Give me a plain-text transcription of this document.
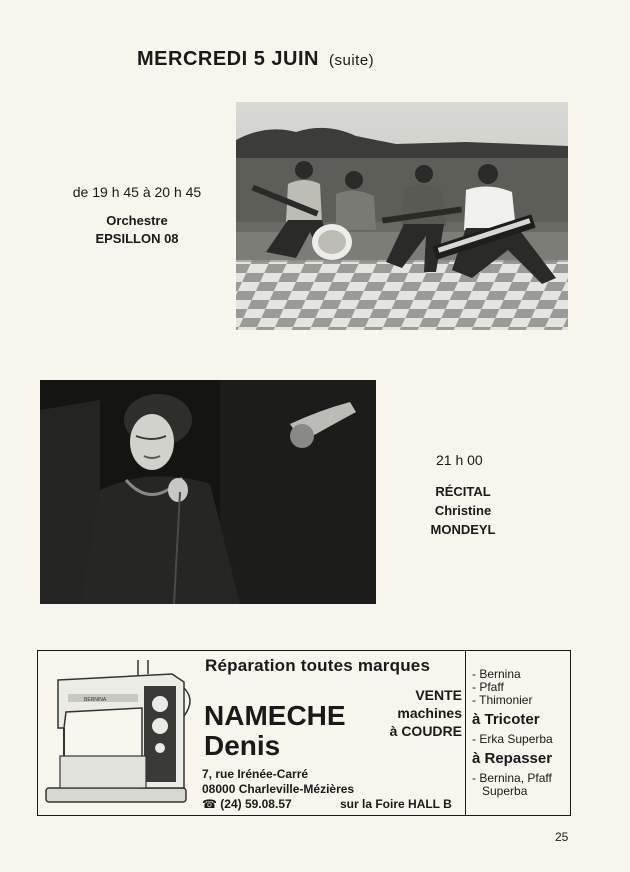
MERCREDI 5 JUIN (suite)
de 19 h 45 à 20 h 45
Orchestre
EPSILLON 08
21 h 00
RÉCITAL
Christine
MONDEYL
BERNINA
Réparation toutes marques
VENTE
machines
à COUDRE
NAMECHE
Denis
7, rue Irénée-Carré
08000 Charleville-Mézières
☎ (24) 59.08.57	sur la Foire HALL B
- Bernina
- Pfaff
- Thimonier
à Tricoter
- Erka Superba
à Repasser
- Bernina, Pfaff
Superba
25
